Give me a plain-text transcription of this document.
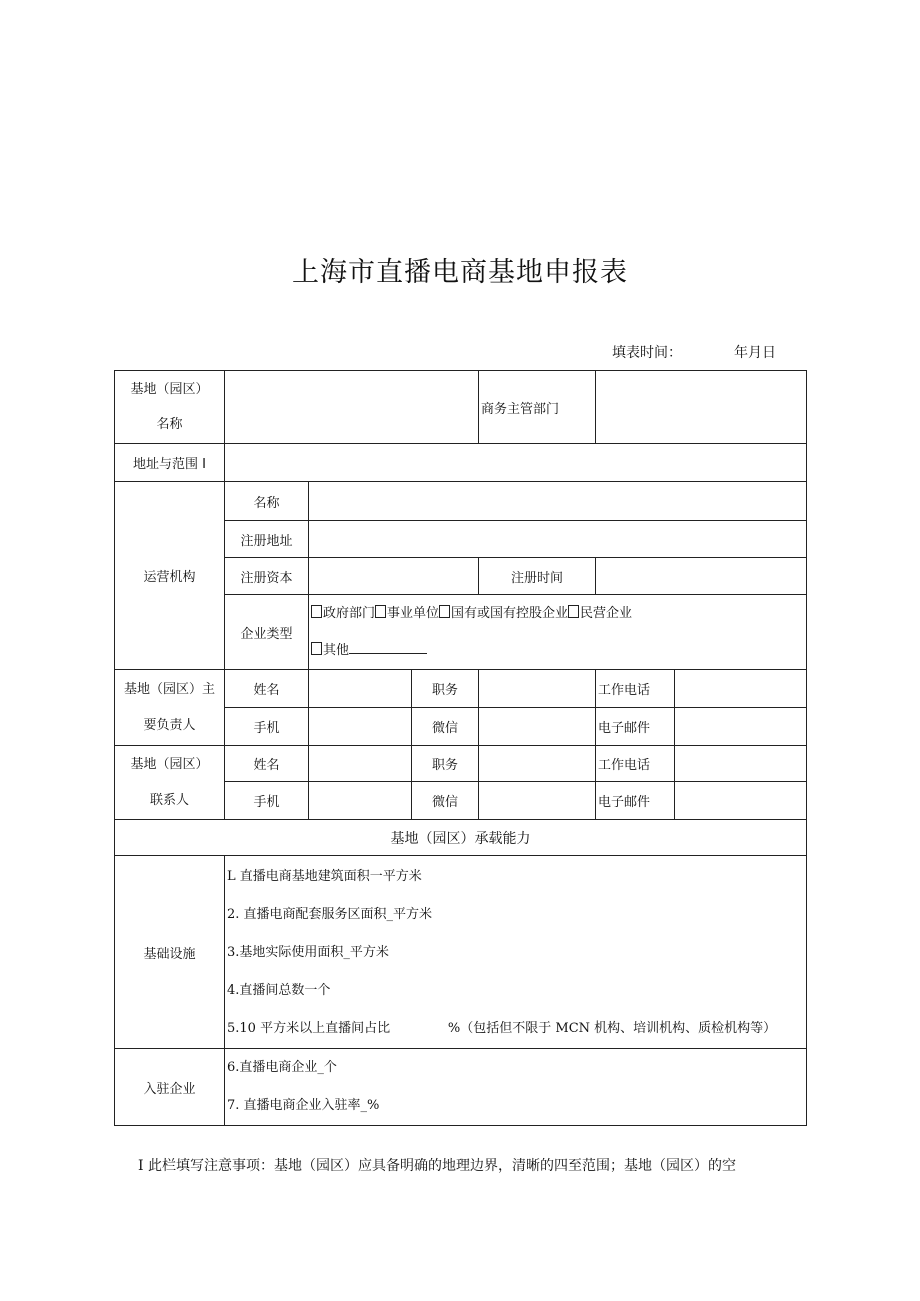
上海市直播电商基地申报表
填表时间：	年月日
基地（园区）
名称				商务主管部门		
地址与范围 I						
运营机构	名称					
	注册地址					
	注册资本			注册时间		
	企业类型	政府部门 事业单位 国有或国有控股企业 民营企业
其他				
基地（园区）主
要负责人	姓名		职务		工作电话	
	手机		微信		电子邮件	
基地（园区）
联系人	姓名		职务		工作电话	
	手机		微信		电子邮件	
基地（园区）承载能力						
基础设施	L 直播电商基地建筑面积一平方米
2. 直播电商配套服务区面积_平方米
3.基地实际使用面积_平方米
4.直播间总数一个
5.10 平方米以上直播间占比              %（包括但不限于 MCN 机构、培训机构、质检机构等）					

入驻企业	6.直播电商企业_个
7. 直播电商企业入驻率_%					
I 此栏填写注意事项：基地（园区）应具备明确的地理边界，清晰的四至范围；基地（园区）的空
